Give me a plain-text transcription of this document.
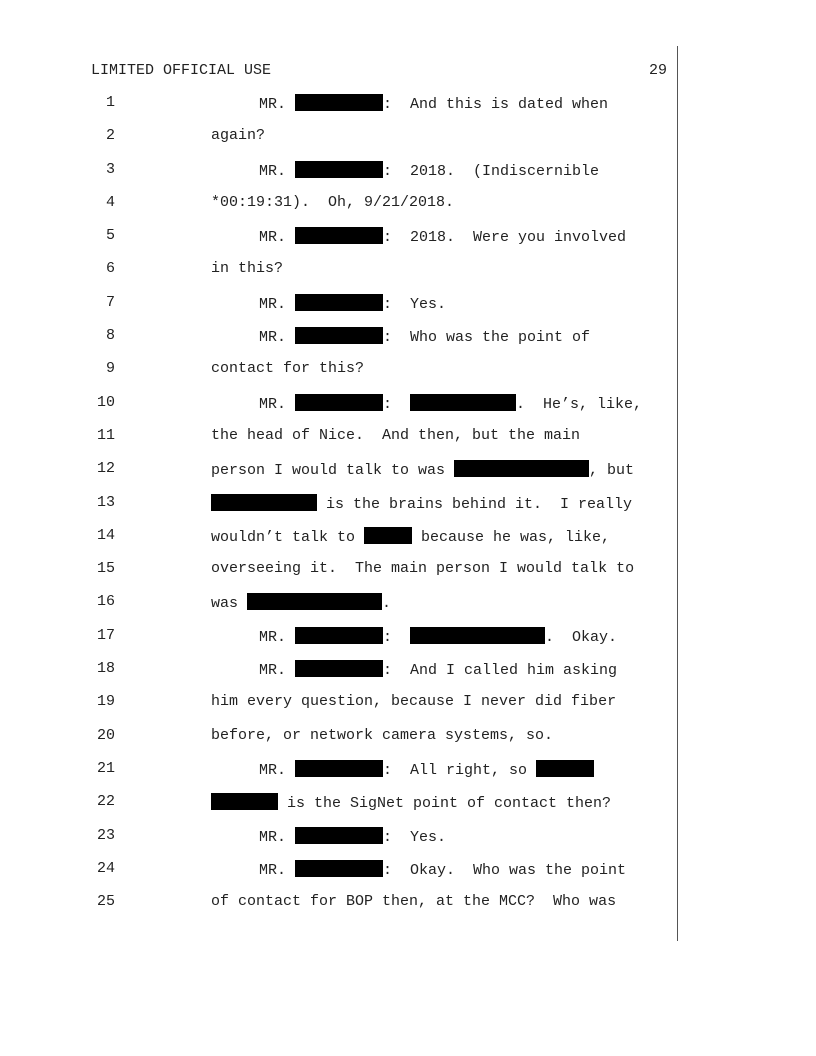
LIMITED OFFICIAL USE	29
1	MR.	:  And this is dated when
2	again?
3	MR.	:  2018.  (Indiscernible
4	*00:19:31).  Oh, 9/21/2018.
5	MR.	:  2018.  Were you involved
6	in this?
7	MR.	:  Yes.
8	MR.	:  Who was the point of
9	contact for this?
10	MR.	:	.  He’s, like,
11	the head of Nice.  And then, but the main
12	person I would talk to was	, but
13	is the brains behind it.  I really
14	wouldn’t talk to	because he was, like,
15	overseeing it.  The main person I would talk to
16	was	.
17	MR.	:	.  Okay.
18	MR.	:  And I called him asking
19	him every question, because I never did fiber
20	before, or network camera systems, so.
21	MR.	:  All right, so
22	is the SigNet point of contact then?
23	MR.	:  Yes.
24	MR.	:  Okay.  Who was the point
25	of contact for BOP then, at the MCC?  Who was
